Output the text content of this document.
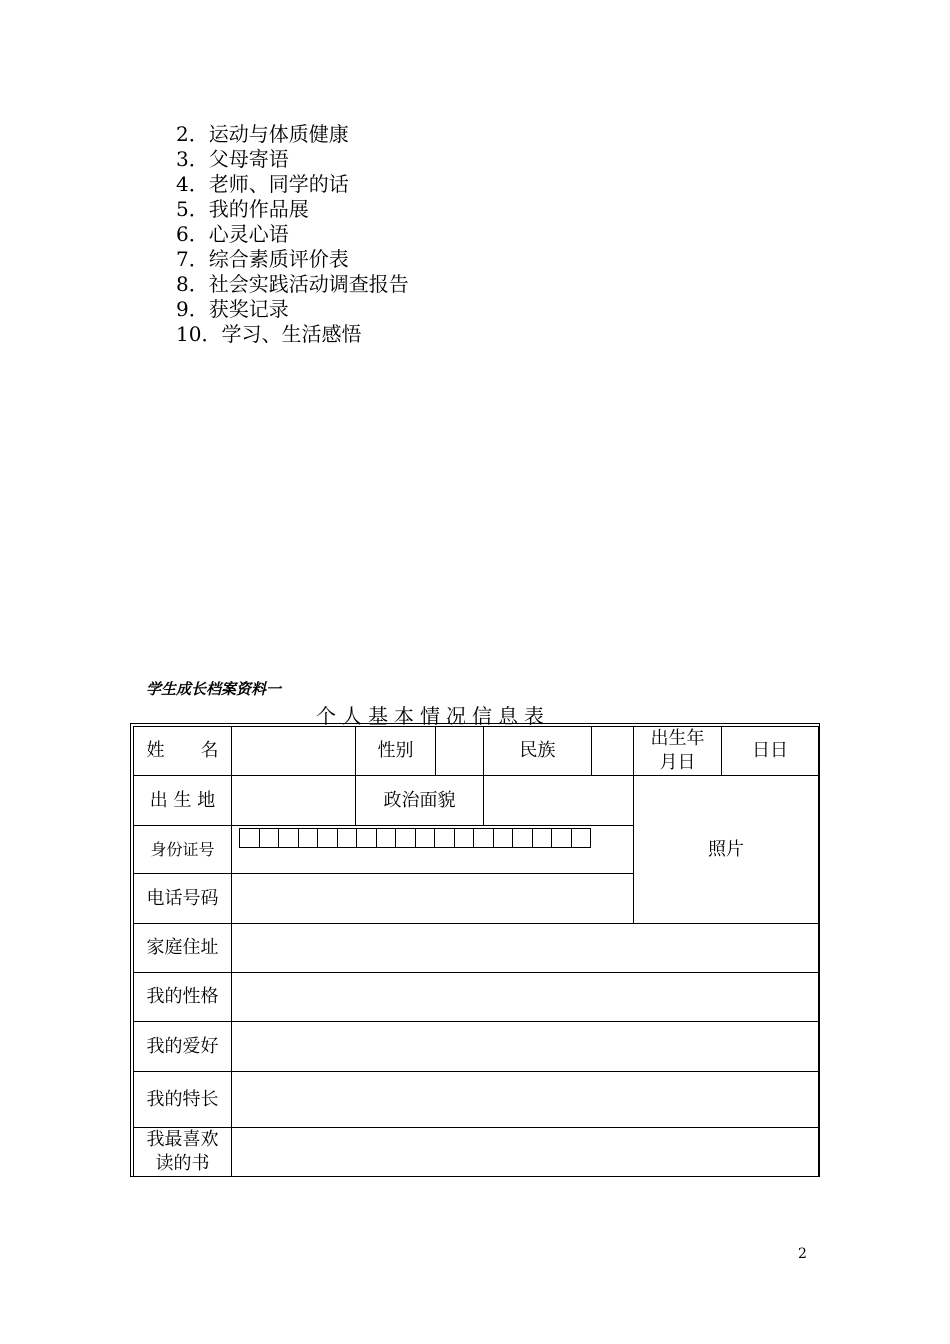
2．运动与体质健康
3．父母寄语
4．老师、同学的话
5．我的作品展
6．心灵心语
7．综合素质评价表
8．社会实践活动调查报告
9．获奖记录
10．学习、生活感悟
学生成长档案资料一
个人基本情况信息表
姓　　名		性别		民族		出生年
月日	日日
出 生 地		政治面貌				照片	
身份证号							

电话号码							
家庭住址							
我的性格							
我的爱好							
我的特长							

我最喜欢
读的书							

2
